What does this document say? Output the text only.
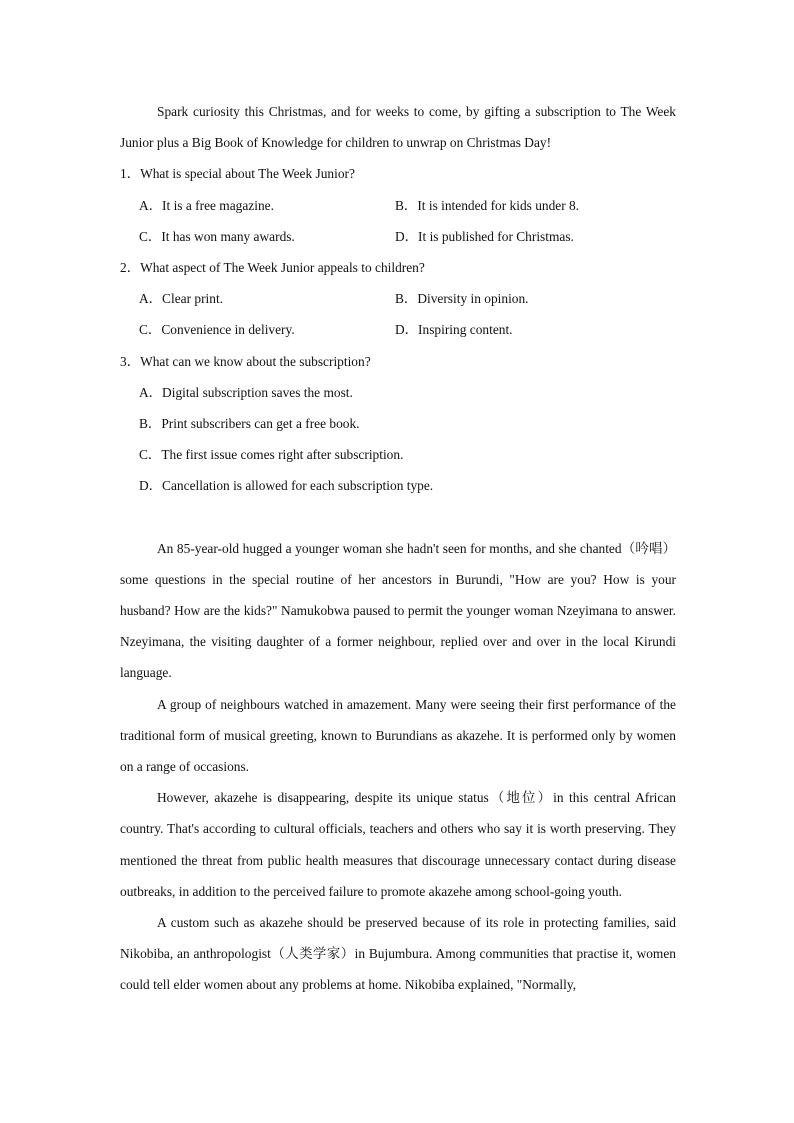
Spark curiosity this Christmas, and for weeks to come, by gifting a subscription to The Week Junior plus a Big Book of Knowledge for children to unwrap on Christmas Day!

1．What is special about The Week Junior?

A．It is a free magazine.	B．It is intended for kids under 8.
C．It has won many awards.	D．It is published for Christmas.

2．What aspect of The Week Junior appeals to children?

A．Clear print.	B．Diversity in opinion.
C．Convenience in delivery.	D．Inspiring content.

3．What can we know about the subscription?

A．Digital subscription saves the most.
B．Print subscribers can get a free book.
C．The first issue comes right after subscription.
D．Cancellation is allowed for each subscription type.

An 85-year-old hugged a younger woman she hadn't seen for months, and she chanted（吟唱）some questions in the special routine of her ancestors in Burundi, "How are you? How is your husband? How are the kids?" Namukobwa paused to permit the younger woman Nzeyimana to answer. Nzeyimana, the visiting daughter of a former neighbour, replied over and over in the local Kirundi language.

A group of neighbours watched in amazement. Many were seeing their first performance of the traditional form of musical greeting, known to Burundians as akazehe. It is performed only by women on a range of occasions.

However, akazehe is disappearing, despite its unique status（地位）in this central African country. That's according to cultural officials, teachers and others who say it is worth preserving. They mentioned the threat from public health measures that discourage unnecessary contact during disease outbreaks, in addition to the perceived failure to promote akazehe among school-going youth.

A custom such as akazehe should be preserved because of its role in protecting families, said Nikobiba, an anthropologist（人类学家）in Bujumbura. Among communities that practise it, women could tell elder women about any problems at home. Nikobiba explained, "Normally,
